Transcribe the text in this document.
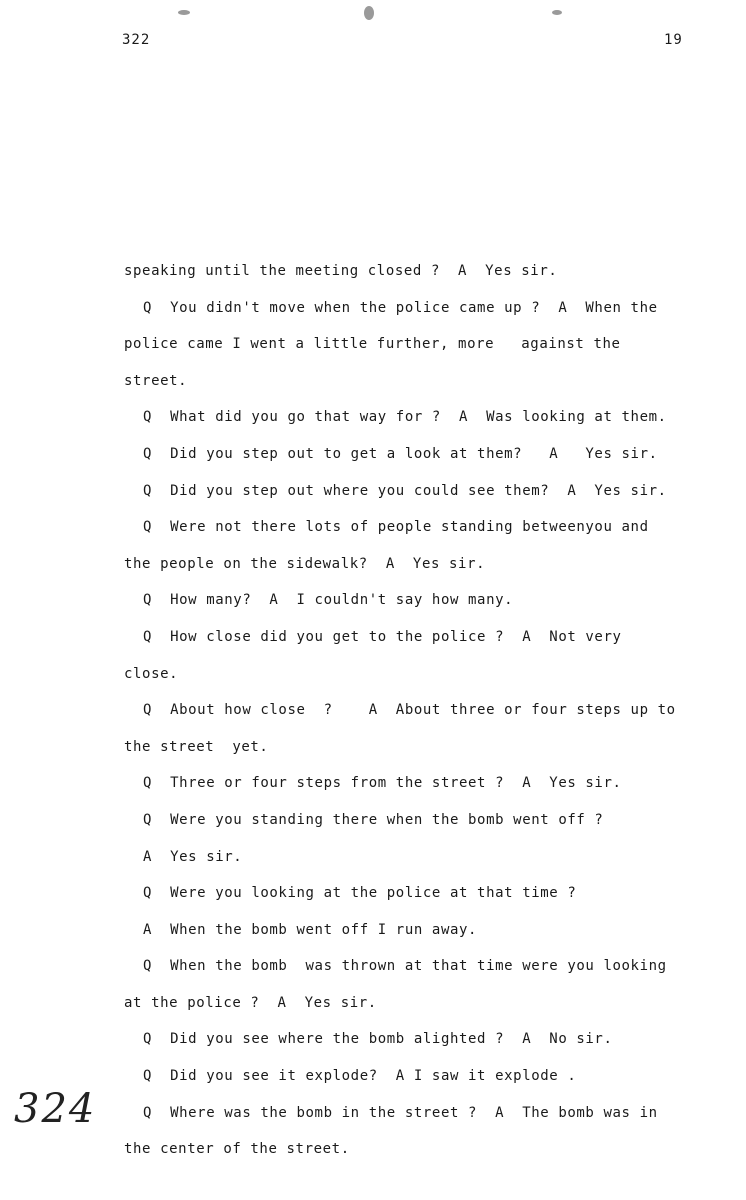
322	19
speaking until the meeting closed ?  A  Yes sir.
Q  You didn't move when the police came up ?  A  When the
police came I went a little further, more   against the
street.
Q  What did you go that way for ?  A  Was looking at them.
Q  Did you step out to get a look at them?   A   Yes sir.
Q  Did you step out where you could see them?  A  Yes sir.
Q  Were not there lots of people standing betweenyou and
the people on the sidewalk?  A  Yes sir.
Q  How many?  A  I couldn't say how many.
Q  How close did you get to the police ?  A  Not very
close.
Q  About how close  ?    A  About three or four steps up to
the street  yet.
Q  Three or four steps from the street ?  A  Yes sir.
Q  Were you standing there when the bomb went off ?
A  Yes sir.
Q  Were you looking at the police at that time ?
A  When the bomb went off I run away.
Q  When the bomb  was thrown at that time were you looking
at the police ?  A  Yes sir.
Q  Did you see where the bomb alighted ?  A  No sir.
Q  Did you see it explode?  A I saw it explode .
Q  Where was the bomb in the street ?  A  The bomb was in
the center of the street.
324
